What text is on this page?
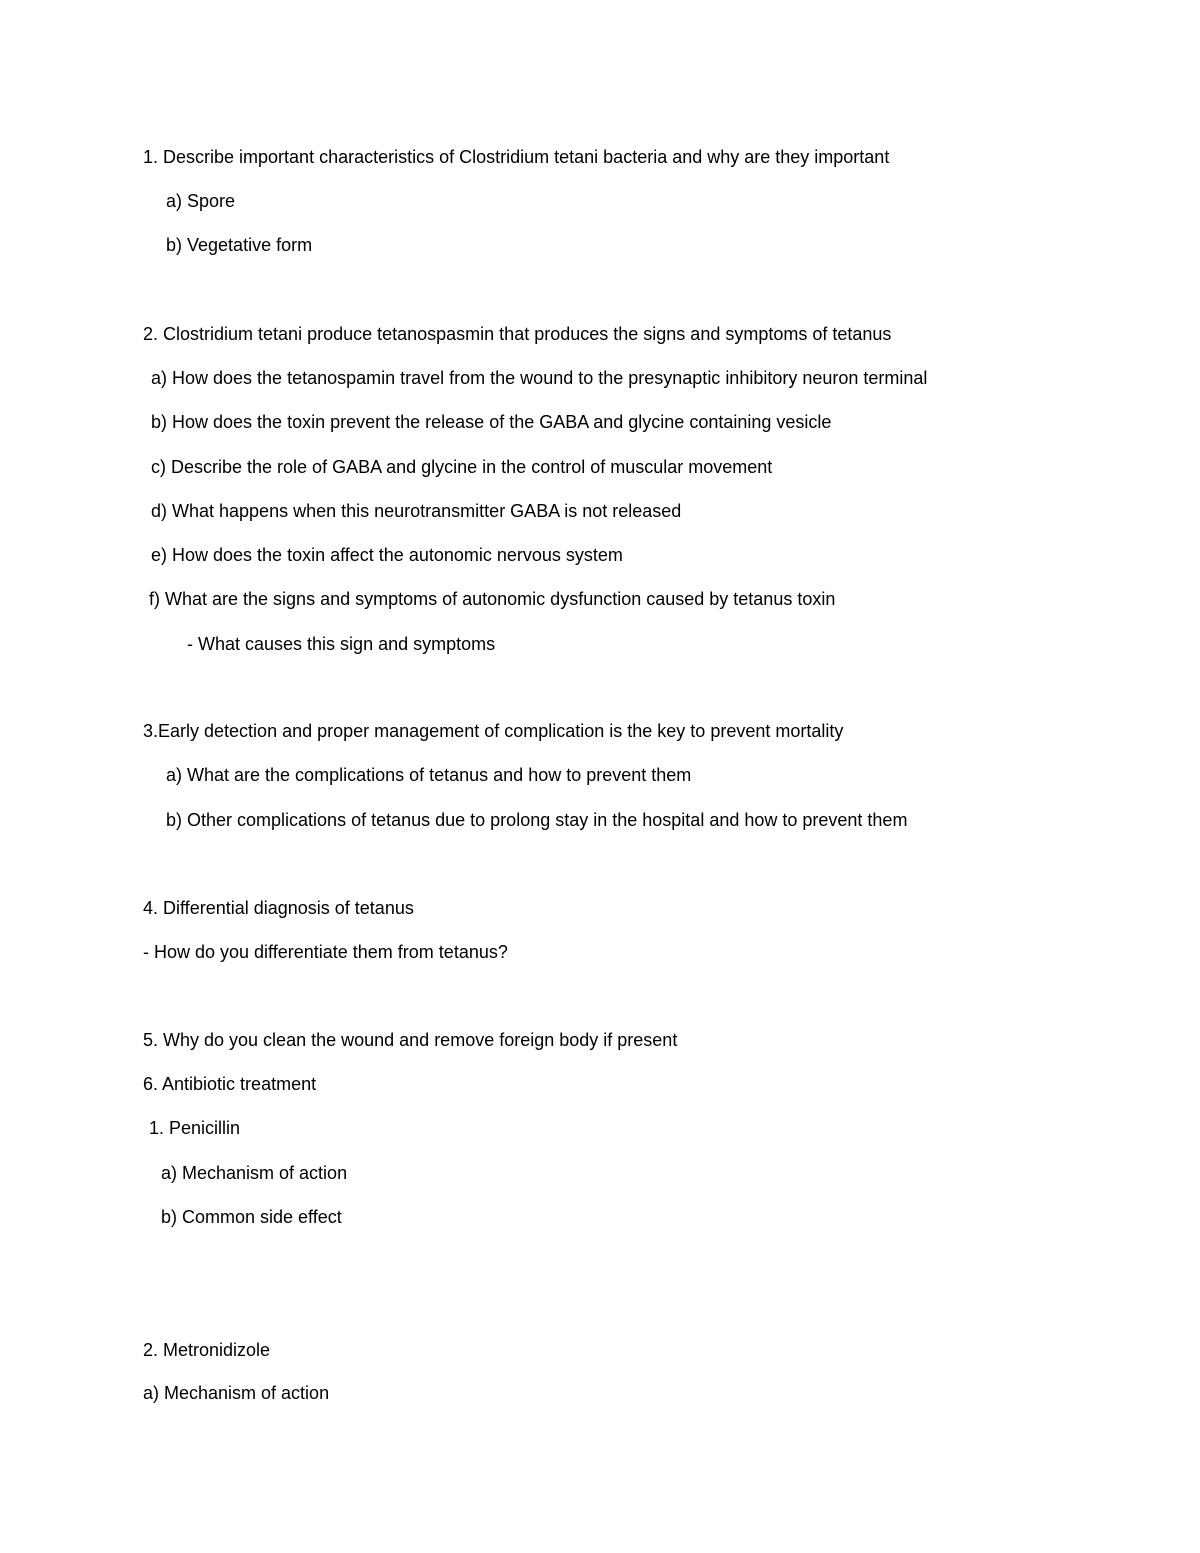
1. Describe important characteristics of Clostridium tetani bacteria and why are they important
a) Spore
b) Vegetative form
2. Clostridium tetani produce tetanospasmin that produces the signs and symptoms of tetanus
a) How does the tetanospamin travel from the wound to the presynaptic inhibitory neuron terminal
b) How does the toxin prevent the release of the GABA and glycine containing vesicle
c) Describe the role of GABA and glycine in the control of muscular movement
d) What happens when this neurotransmitter GABA is not released
e) How does the toxin affect the autonomic nervous system
f) What are the signs and symptoms of autonomic dysfunction caused by tetanus toxin
- What causes this sign and symptoms
3.Early detection and proper management of complication is the key to prevent mortality
a) What are the complications of tetanus and how to prevent them
b) Other complications of tetanus due to prolong stay in the hospital and how to prevent them
4. Differential diagnosis of tetanus
- How do you differentiate them from tetanus?
5. Why do you clean the wound and remove foreign body if present
6. Antibiotic treatment
1. Penicillin
a) Mechanism of action
b) Common side effect
2. Metronidizole
a) Mechanism of action
